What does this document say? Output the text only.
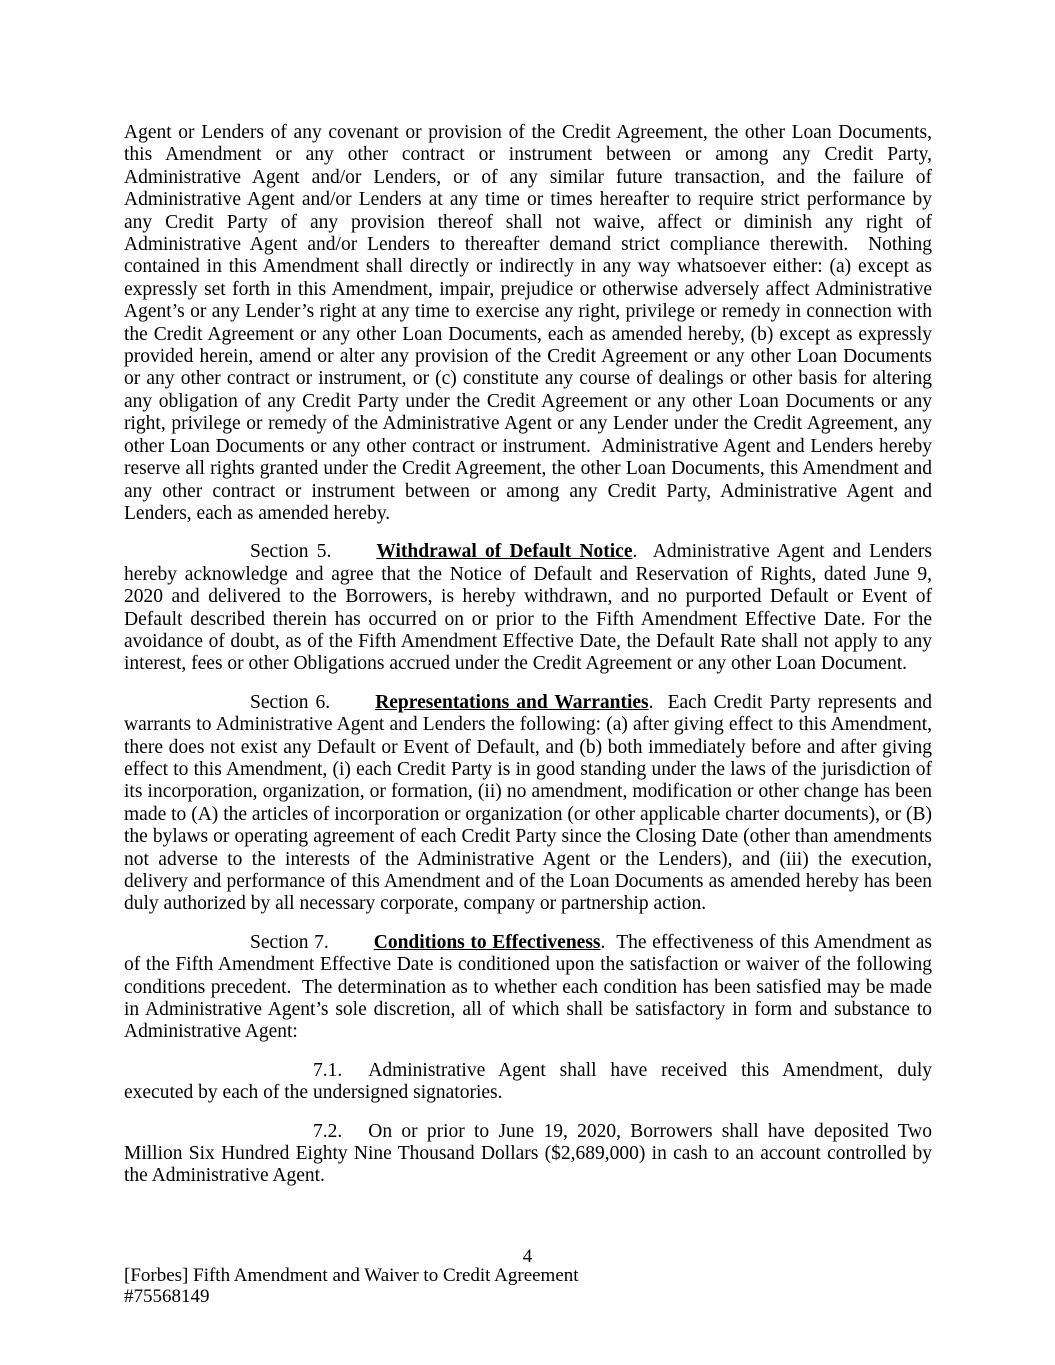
Agent or Lenders of any covenant or provision of the Credit Agreement, the other Loan Documents, this Amendment or any other contract or instrument between or among any Credit Party, Administrative Agent and/or Lenders, or of any similar future transaction, and the failure of Administrative Agent and/or Lenders at any time or times hereafter to require strict performance by any Credit Party of any provision thereof shall not waive, affect or diminish any right of Administrative Agent and/or Lenders to thereafter demand strict compliance therewith.  Nothing contained in this Amendment shall directly or indirectly in any way whatsoever either: (a) except as expressly set forth in this Amendment, impair, prejudice or otherwise adversely affect Administrative Agent’s or any Lender’s right at any time to exercise any right, privilege or remedy in connection with the Credit Agreement or any other Loan Documents, each as amended hereby, (b) except as expressly provided herein, amend or alter any provision of the Credit Agreement or any other Loan Documents or any other contract or instrument, or (c) constitute any course of dealings or other basis for altering any obligation of any Credit Party under the Credit Agreement or any other Loan Documents or any right, privilege or remedy of the Administrative Agent or any Lender under the Credit Agreement, any other Loan Documents or any other contract or instrument.  Administrative Agent and Lenders hereby reserve all rights granted under the Credit Agreement, the other Loan Documents, this Amendment and any other contract or instrument between or among any Credit Party, Administrative Agent and Lenders, each as amended hereby.

Section 5. Withdrawal of Default Notice.  Administrative Agent and Lenders hereby acknowledge and agree that the Notice of Default and Reservation of Rights, dated June 9, 2020 and delivered to the Borrowers, is hereby withdrawn, and no purported Default or Event of Default described therein has occurred on or prior to the Fifth Amendment Effective Date. For the avoidance of doubt, as of the Fifth Amendment Effective Date, the Default Rate shall not apply to any interest, fees or other Obligations accrued under the Credit Agreement or any other Loan Document.

Section 6. Representations and Warranties.  Each Credit Party represents and warrants to Administrative Agent and Lenders the following: (a) after giving effect to this Amendment, there does not exist any Default or Event of Default, and (b) both immediately before and after giving effect to this Amendment, (i) each Credit Party is in good standing under the laws of the jurisdiction of its incorporation, organization, or formation, (ii) no amendment, modification or other change has been made to (A) the articles of incorporation or organization (or other applicable charter documents), or (B) the bylaws or operating agreement of each Credit Party since the Closing Date (other than amendments not adverse to the interests of the Administrative Agent or the Lenders), and (iii) the execution, delivery and performance of this Amendment and of the Loan Documents as amended hereby has been duly authorized by all necessary corporate, company or partnership action.

Section 7. Conditions to Effectiveness.  The effectiveness of this Amendment as of the Fifth Amendment Effective Date is conditioned upon the satisfaction or waiver of the following conditions precedent.  The determination as to whether each condition has been satisfied may be made in Administrative Agent’s sole discretion, all of which shall be satisfactory in form and substance to Administrative Agent:

7.1. Administrative Agent shall have received this Amendment, duly executed by each of the undersigned signatories.

7.2. On or prior to June 19, 2020, Borrowers shall have deposited Two Million Six Hundred Eighty Nine Thousand Dollars ($2,689,000) in cash to an account controlled by the Administrative Agent.

4
[Forbes] Fifth Amendment and Waiver to Credit Agreement
#75568149
